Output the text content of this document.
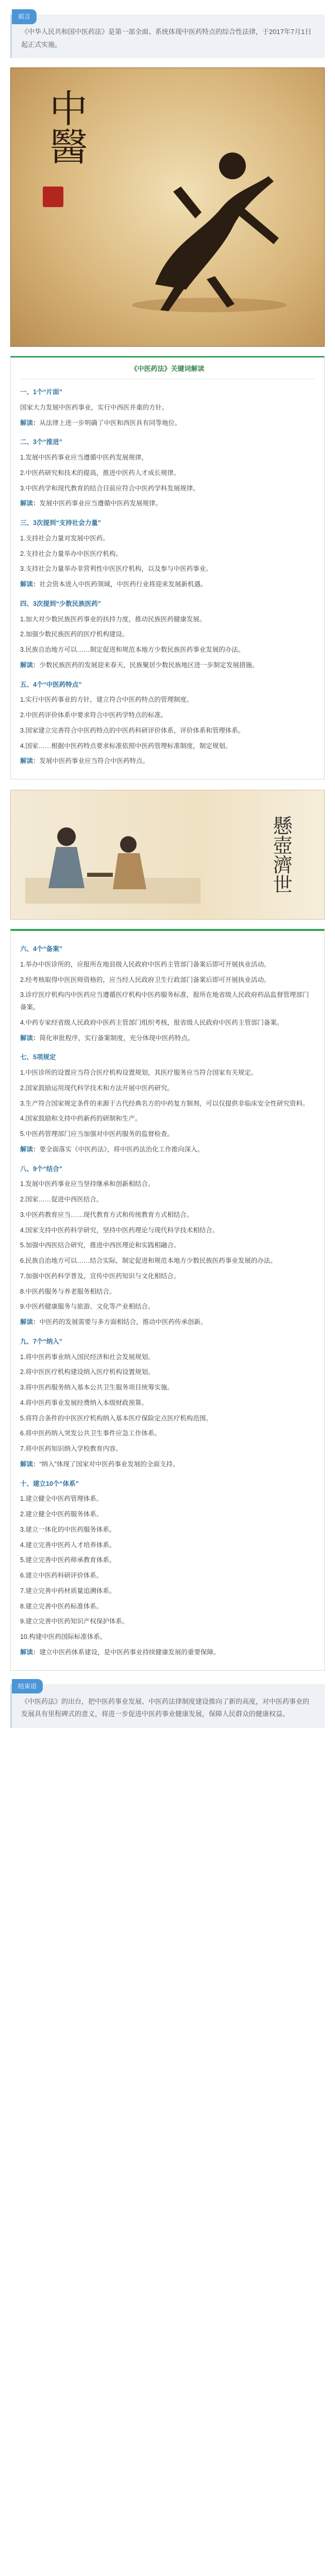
前言
《中华人民共和国中医药法》是第一部全面、系统体现中医药特点的综合性法律，于2017年7月1日起正式实施。
中醫
《中医药法》关键词解读
一、1个“片面”
国家大力发展中医药事业，实行中西医并重的方针。
解读：从法律上进一步明确了中医和西医具有同等地位。
二、3个“推进”
1.发展中医药事业应当遵循中医药发展规律，
2.中医药研究和技术的提高，推进中医药人才成长规律。
3.中医药学和现代教育的结合目前应符合中医药学科发展规律。
解读：发展中医药事业应当遵循中医药发展规律。
三、3次提到“支持社会力量”
1.支持社会力量对发展中医药。
2.支持社会力量举办中医医疗机构。
3.支持社会力量举办非营利性中医医疗机构，以及参与中医药事业。
解读：社会资本进入中医药领域，中医药行业将迎来发展新机遇。
四、3次提到“少数民族医药”
1.加大对少数民族医药事业的扶持力度，推动民族医药健康发展。
2.加强少数民族医药的医疗机构建设。
3.民族自治地方可以……制定促进和规范本地方少数民族医药事业发展的办法。
解读：少数民族医药的发展迎来春天，民族聚居少数民族地区进一步制定发展措施。
五、4个“中医药特点”
1.实行中医药事业的方针，建立符合中医药特点的管理制度。
2.中医药评价体系中要求符合中医药学特点的标准。
3.国家建立完善符合中医药特点的中医药科研评价体系，评价体系和管理体系。
4.国家……根据中医药特点要求标准依照中医药管理标准制度，制定规划。
解读：发展中医药事业应当符合中医药特点。
懸壺濟世
六、4个“备案”
1.举办中医诊所的，应报所在地县级人民政府中医药主管部门备案后即可开展执业活动。
2.经考核取得中医医师资格的，应当经人民政府卫生行政部门备案后即可开展执业活动。
3.诊疗医疗机构内中医药应当遵循医疗机构中医药服务标准，报所在地省级人民政府药品监督管理部门备案。
4.中药专家经省级人民政府中医药主管部门组织考核，报省级人民政府中医药主管部门备案。
解读：简化审批程序，实行备案制度，充分体现中医药特点。
七、5项规定
1.中医诊所的设置应当符合医疗机构设置规划，其医疗服务应当符合国家有关规定。
2.国家鼓励运用现代科学技术和方法开展中医药研究。
3.生产符合国家规定条件的来源于古代经典名方的中药复方制剂，可以仅提供非临床安全性研究资料。
4.国家鼓励和支持中药新药的研制和生产。
5.中医药管理部门应当加强对中医药服务的监督检查。
解读：要全面落实《中医药法》，将中医药法治化工作推向深入。
八、9个“结合”
1.发展中医药事业应当坚持继承和创新相结合。
2.国家……促进中西医结合。
3.中医药教育应当……现代教育方式和传统教育方式相结合。
4.国家支持中医药科学研究，坚持中医药理论与现代科学技术相结合。
5.加强中西医结合研究，推进中西医理论和实践相融合。
6.民族自治地方可以……结合实际，制定促进和规范本地方少数民族医药事业发展的办法。
7.加强中医药科学普及，宣传中医药知识与文化相结合。
8.中医药服务与养老服务相结合。
9.中医药健康服务与旅游、文化等产业相结合。
解读：中医药的发展需要与多方面相结合，推动中医药传承创新。
九、7个“纳入”
1.将中医药事业纳入国民经济和社会发展规划。
2.将中医医疗机构建设纳入医疗机构设置规划。
3.将中医药服务纳入基本公共卫生服务项目统筹实施。
4.将中医药事业发展经费纳入本级财政预算。
5.将符合条件的中医医疗机构纳入基本医疗保险定点医疗机构范围。
6.将中医药纳入突发公共卫生事件应急工作体系。
7.将中医药知识纳入学校教育内容。
解读：“纳入”体现了国家对中医药事业发展的全面支持。
十、建立10个“体系”
1.建立健全中医药管理体系。
2.建立健全中医药服务体系。
3.建立一体化的中医药服务体系。
4.建立完善中医药人才培养体系。
5.建立完善中医药师承教育体系。
6.建立中医药科研评价体系。
7.建立完善中药材质量追溯体系。
8.建立完善中医药标准体系。
9.建立完善中医药知识产权保护体系。
10.构建中医药国际标准体系。
解读：建立中医药体系建设，是中医药事业持续健康发展的重要保障。
结束语
《中医药法》的出台，把中医药事业发展、中医药法律制度建设推向了新的高度，对中医药事业的发展具有里程碑式的意义，将进一步促进中医药事业健康发展，保障人民群众的健康权益。
